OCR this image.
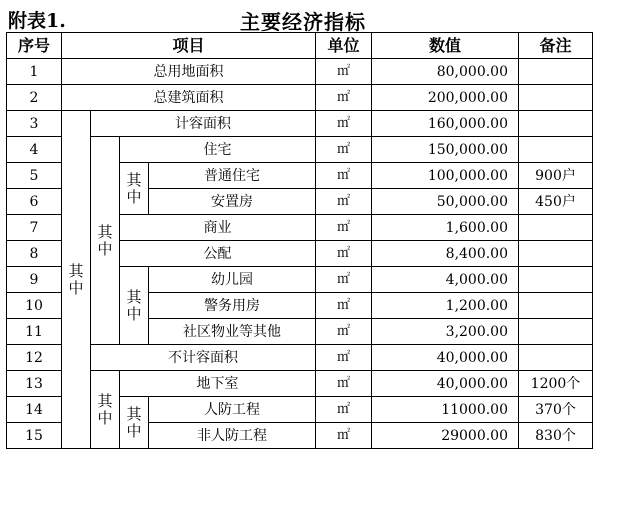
附表1.	主要经济指标
序号	项目				单位	数值	备注
1	总用地面积				㎡	80,000.00	
2	总建筑面积				㎡	200,000.00	
3	其中	计容面积			㎡	160,000.00	
4		其中	住宅		㎡	150,000.00	
5			其中	普通住宅	㎡	100,000.00	900户
6				安置房	㎡	50,000.00	450户
7			商业		㎡	1,600.00	
8			公配		㎡	8,400.00	
9			其中	幼儿园	㎡	4,000.00	
10				警务用房	㎡	1,200.00	
11				社区物业等其他	㎡	3,200.00	
12		不计容面积			㎡	40,000.00	
13		其中	地下室		㎡	40,000.00	1200个
14			其中	人防工程	㎡	11000.00	370个
15				非人防工程	㎡	29000.00	830个
